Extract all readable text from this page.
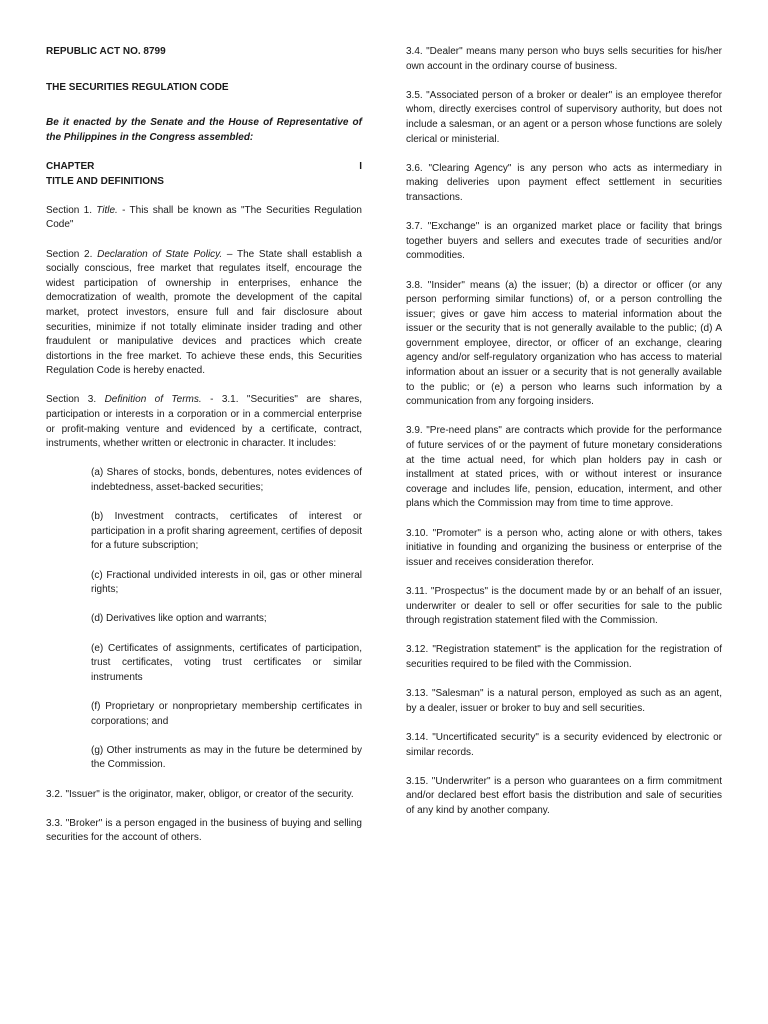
REPUBLIC ACT NO. 8799

THE SECURITIES REGULATION CODE

Be it enacted by the Senate and the House of Representative of the Philippines in the Congress assembled:

CHAPTER	I

TITLE AND DEFINITIONS

Section 1. Title. - This shall be known as "The Securities Regulation Code"

Section 2. Declaration of State Policy. – The State shall establish a socially conscious, free market that regulates itself, encourage the widest participation of ownership in enterprises, enhance the democratization of wealth, promote the development of the capital market, protect investors, ensure full and fair disclosure about securities, minimize if not totally eliminate insider trading and other fraudulent or manipulative devices and practices which create distortions in the free market. To achieve these ends, this Securities Regulation Code is hereby enacted.

Section 3. Definition of Terms. - 3.1. "Securities" are shares, participation or interests in a corporation or in a commercial enterprise or profit-making venture and evidenced by a certificate, contract, instruments, whether written or electronic in character. It includes:

(a) Shares of stocks, bonds, debentures, notes evidences of indebtedness, asset-backed securities;

(b) Investment contracts, certificates of interest or participation in a profit sharing agreement, certifies of deposit for a future subscription;

(c) Fractional undivided interests in oil, gas or other mineral rights;

(d) Derivatives like option and warrants;

(e) Certificates of assignments, certificates of participation, trust certificates, voting trust certificates or similar instruments

(f) Proprietary or nonproprietary membership certificates in corporations; and

(g) Other instruments as may in the future be determined by the Commission.

3.2. "Issuer" is the originator, maker, obligor, or creator of the security.

3.3. "Broker" is a person engaged in the business of buying and selling securities for the account of others.

3.4. "Dealer" means many person who buys sells securities for his/her own account in the ordinary course of business.

3.5. "Associated person of a broker or dealer" is an employee therefor whom, directly exercises control of supervisory authority, but does not include a salesman, or an agent or a person whose functions are solely clerical or ministerial.

3.6. "Clearing Agency" is any person who acts as intermediary in making deliveries upon payment effect settlement in securities transactions.

3.7. "Exchange" is an organized market place or facility that brings together buyers and sellers and executes trade of securities and/or commodities.

3.8. "Insider" means (a) the issuer; (b) a director or officer (or any person performing similar functions) of, or a person controlling the issuer; gives or gave him access to material information about the issuer or the security that is not generally available to the public; (d) A government employee, director, or officer of an exchange, clearing agency and/or self-regulatory organization who has access to material information about an issuer or a security that is not generally available to the public; or (e) a person who learns such information by a communication from any forgoing insiders.

3.9. "Pre-need plans" are contracts which provide for the performance of future services of or the payment of future monetary considerations at the time actual need, for which plan holders pay in cash or installment at stated prices, with or without interest or insurance coverage and includes life, pension, education, interment, and other plans which the Commission may from time to time approve.

3.10. "Promoter" is a person who, acting alone or with others, takes initiative in founding and organizing the business or enterprise of the issuer and receives consideration therefor.

3.11. "Prospectus" is the document made by or an behalf of an issuer, underwriter or dealer to sell or offer securities for sale to the public through registration statement filed with the Commission.

3.12. "Registration statement" is the application for the registration of securities required to be filed with the Commission.

3.13. "Salesman" is a natural person, employed as such as an agent, by a dealer, issuer or broker to buy and sell securities.

3.14. "Uncertificated security" is a security evidenced by electronic or similar records.

3.15. "Underwriter" is a person who guarantees on a firm commitment and/or declared best effort basis the distribution and sale of securities of any kind by another company.
